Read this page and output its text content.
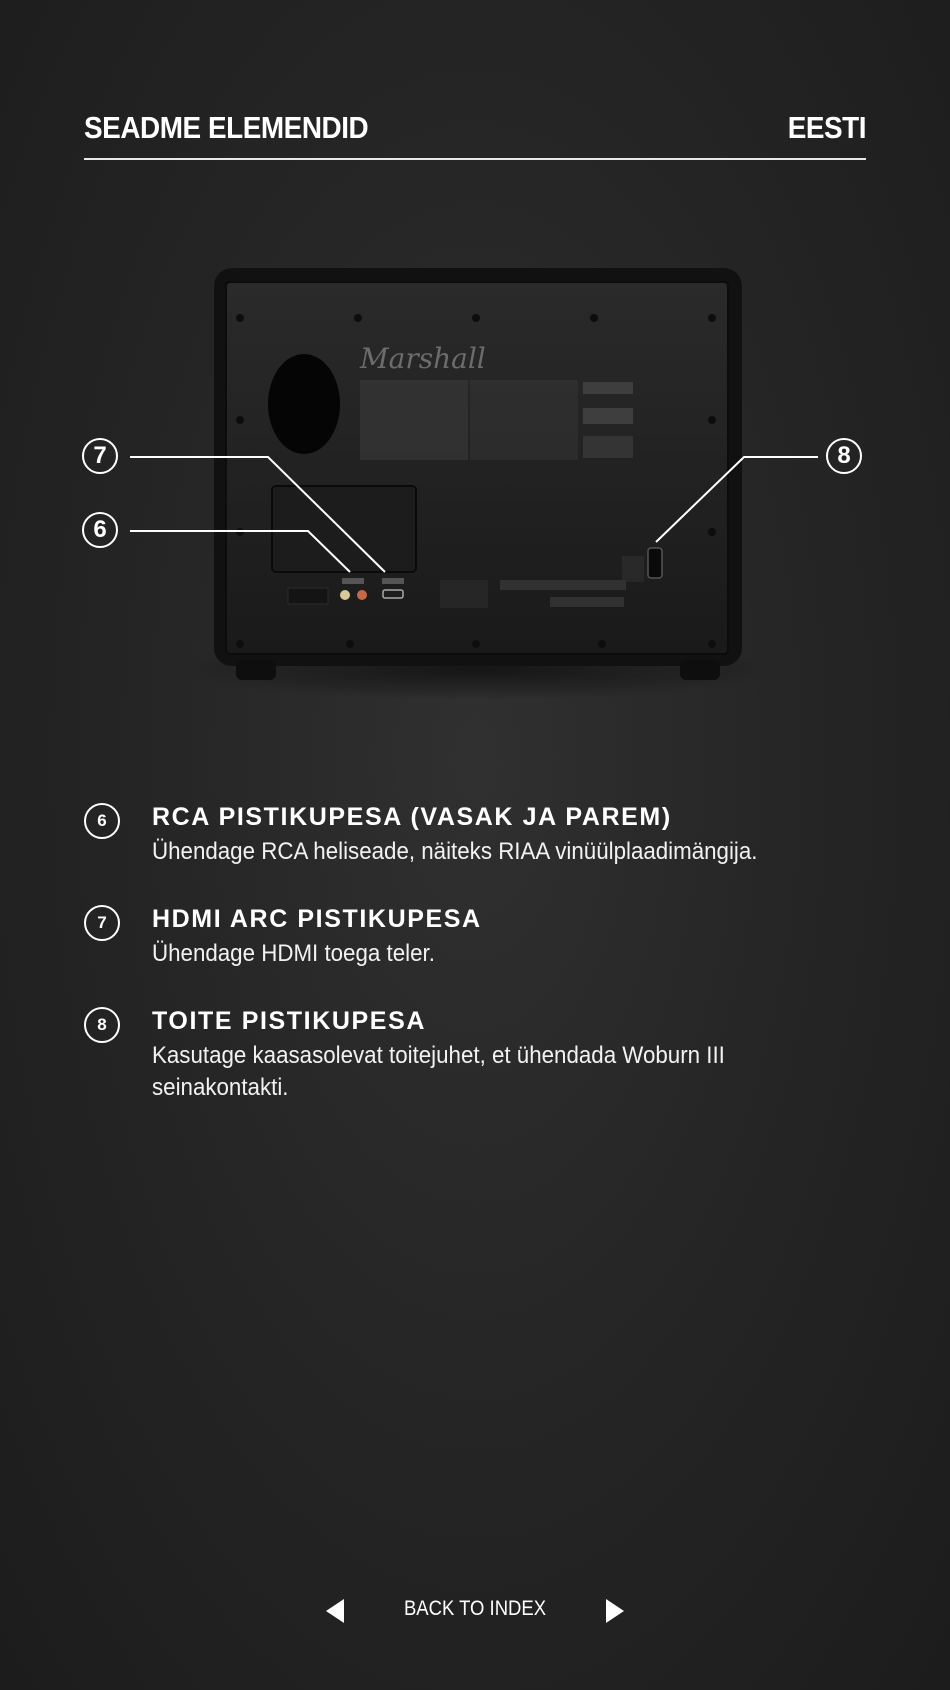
SEADME ELEMENDID	EESTI
Marshall
7
6
8
6	RCA PISTIKUPESA (VASAK JA PAREM)
Ühendage RCA heliseade, näiteks RIAA vinüülplaadimängija.
7	HDMI ARC PISTIKUPESA
Ühendage HDMI toega teler.
8	TOITE PISTIKUPESA
Kasutage kaasasolevat toitejuhet, et ühendada Woburn III seinakontakti.
BACK TO INDEX
